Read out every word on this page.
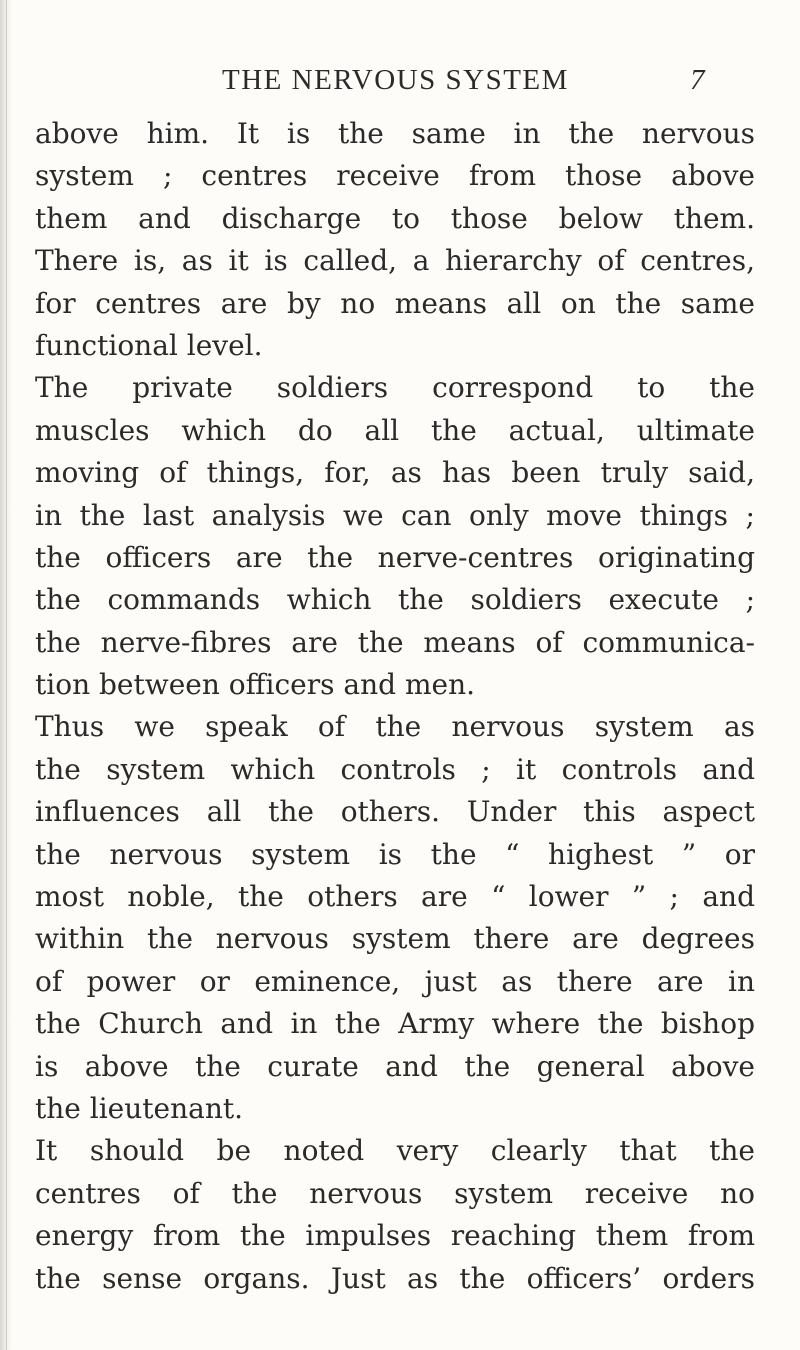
THE NERVOUS SYSTEM	7
above him. It is the same in the nervous
system ; centres receive from those above
them and discharge to those below them.
There is, as it is called, a hierarchy of centres,
for centres are by no means all on the same
functional level.
The private soldiers correspond to the
muscles which do all the actual, ultimate
moving of things, for, as has been truly said,
in the last analysis we can only move things ;
the officers are the nerve-centres originating
the commands which the soldiers execute ;
the nerve-fibres are the means of communica-
tion between officers and men.
Thus we speak of the nervous system as
the system which controls ; it controls and
influences all the others. Under this aspect
the nervous system is the “ highest ” or
most noble, the others are “ lower ” ; and
within the nervous system there are degrees
of power or eminence, just as there are in
the Church and in the Army where the bishop
is above the curate and the general above
the lieutenant.
It should be noted very clearly that the
centres of the nervous system receive no
energy from the impulses reaching them from
the sense organs. Just as the officers’ orders
